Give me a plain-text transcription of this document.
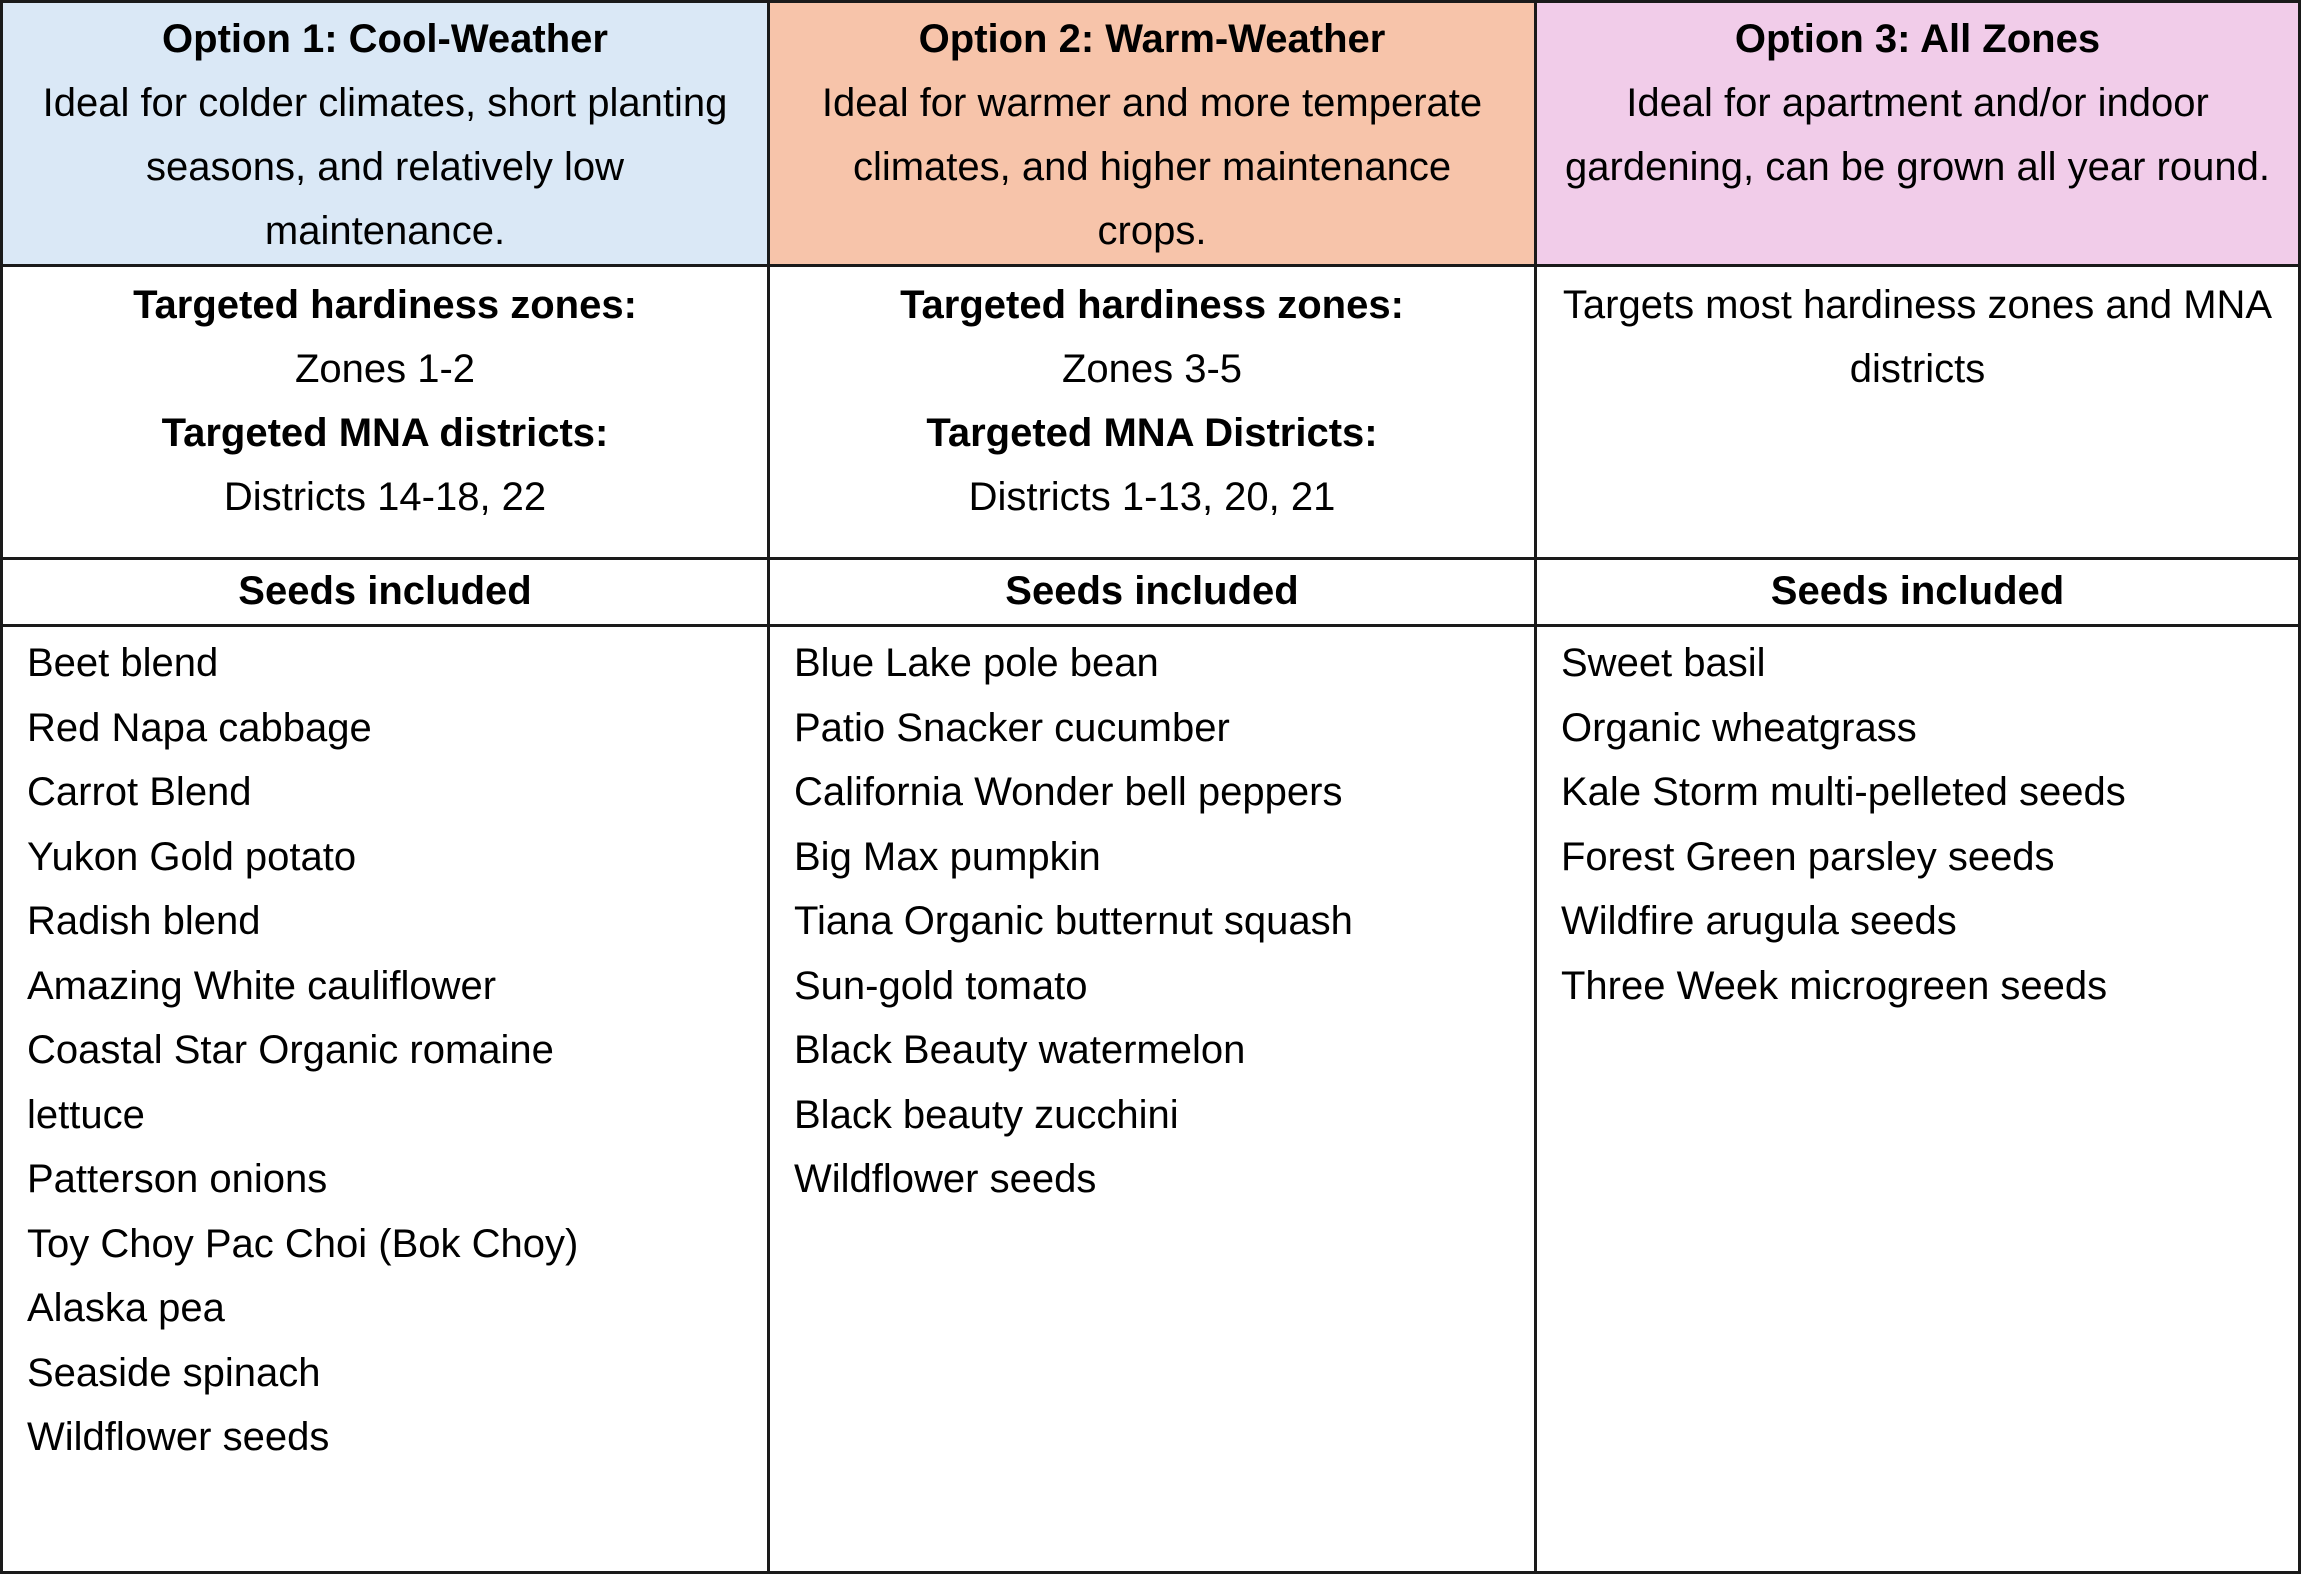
Option 1: Cool-Weather
Ideal for colder climates, short planting seasons, and relatively low maintenance.
Option 2: Warm-Weather
Ideal for warmer and more temperate climates, and higher maintenance crops.
Option 3: All Zones
Ideal for apartment and/or indoor gardening, can be grown all year round.
Targeted hardiness zones:
Zones 1-2
Targeted MNA districts:
Districts 14-18, 22
Targeted hardiness zones:
Zones 3-5
Targeted MNA Districts:
Districts 1-13, 20, 21
Targets most hardiness zones and MNA districts
Seeds included	Seeds included	Seeds included
Beet blend
Red Napa cabbage
Carrot Blend
Yukon Gold potato
Radish blend
Amazing White cauliflower
Coastal Star Organic romaine lettuce
Patterson onions
Toy Choy Pac Choi (Bok Choy)
Alaska pea
Seaside spinach
Wildflower seeds
Blue Lake pole bean
Patio Snacker cucumber
California Wonder bell peppers
Big Max pumpkin
Tiana Organic butternut squash
Sun-gold tomato
Black Beauty watermelon
Black beauty zucchini
Wildflower seeds
Sweet basil
Organic wheatgrass
Kale Storm multi-pelleted seeds
Forest Green parsley seeds
Wildfire arugula seeds
Three Week microgreen seeds
